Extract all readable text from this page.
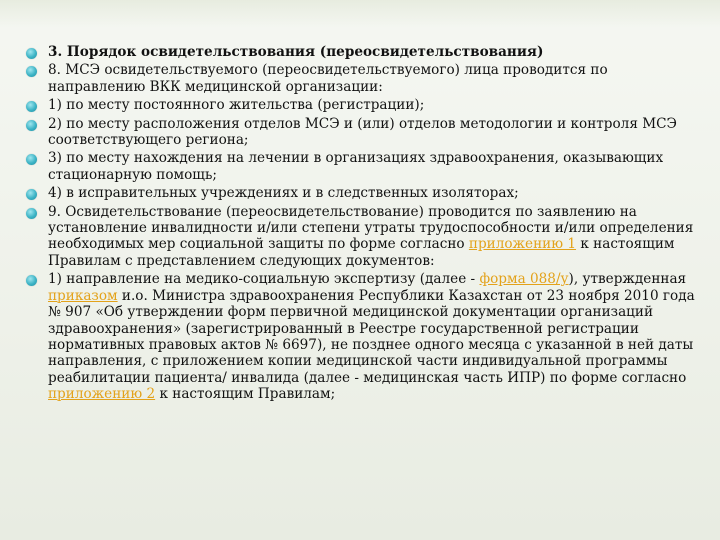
3. Порядок освидетельствования (переосвидетельствования)
8. МСЭ освидетельствуемого (переосвидетельствуемого) лица проводится по направлению ВКК медицинской организации:
1) по месту постоянного жительства (регистрации);
2) по месту расположения отделов МСЭ и (или) отделов методологии и контроля МСЭ соответствующего региона;
3) по месту нахождения на лечении в организациях здравоохранения, оказывающих стационарную помощь;
4) в исправительных учреждениях и в следственных изоляторах;
9. Освидетельствование (переосвидетельствование) проводится по заявлению на установление инвалидности и/или степени утраты трудоспособности и/или определения необходимых мер социальной защиты по форме согласно приложению 1 к настоящим Правилам с представлением следующих документов:
1) направление на медико-социальную экспертизу (далее - форма 088/у), утвержденная приказом и.о. Министра здравоохранения Республики Казахстан от 23 ноября 2010 года № 907 «Об утверждении форм первичной медицинской документации организаций здравоохранения» (зарегистрированный в Реестре государственной регистрации нормативных правовых актов № 6697), не позднее одного месяца с указанной в ней даты направления, с приложением копии медицинской части индивидуальной программы реабилитации пациента/ инвалида (далее - медицинская часть ИПР) по форме согласно приложению 2 к настоящим Правилам;
